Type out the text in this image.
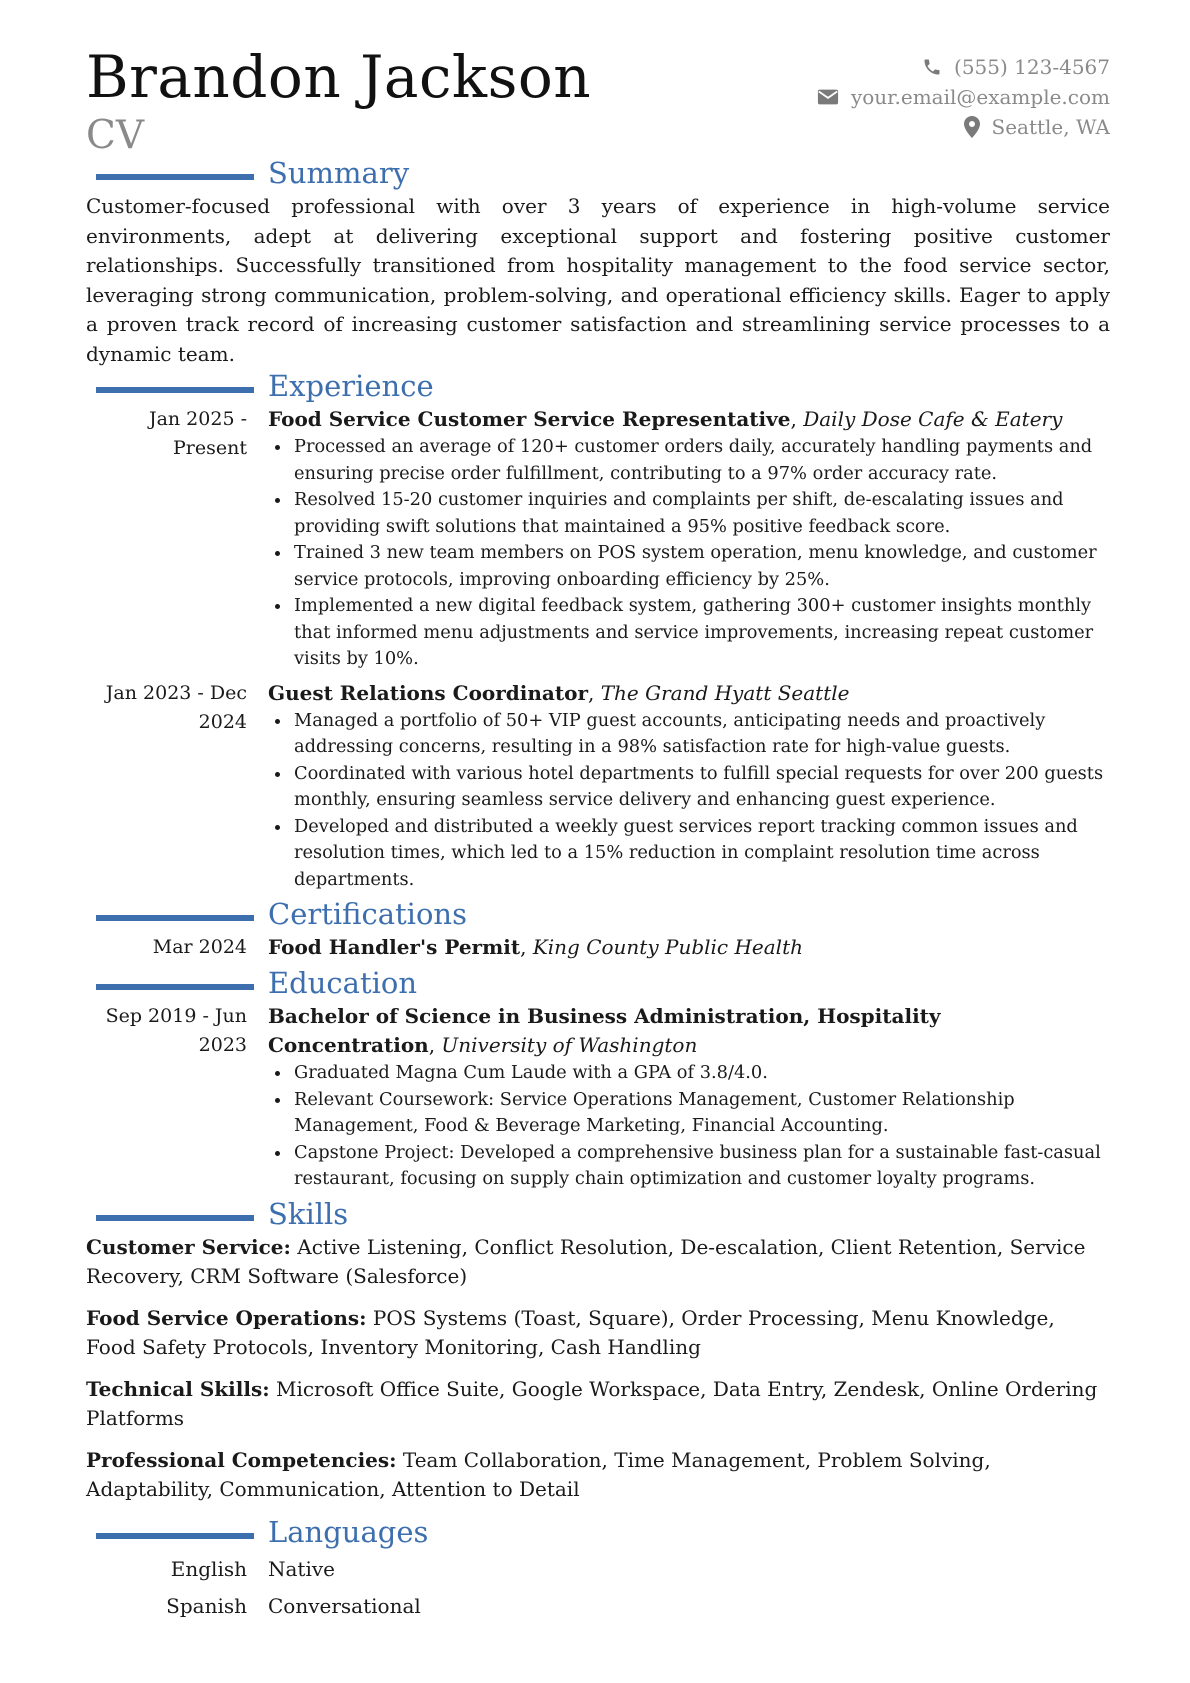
Brandon Jackson
CV
(555) 123-4567
your.email@example.com
Seattle, WA
Summary

Customer-focused professional with over 3 years of experience in high-volume service environments, adept at delivering exceptional support and fostering positive customer relationships. Successfully transitioned from hospitality management to the food service sector, leveraging strong communication, problem-solving, and operational efficiency skills. Eager to apply a proven track record of increasing customer satisfaction and streamlining service processes to a dynamic team.

Experience
Jan 2025 - Present
Food Service Customer Service Representative, Daily Dose Cafe & Eatery
• Processed an average of 120+ customer orders daily, accurately handling payments and ensuring precise order fulfillment, contributing to a 97% order accuracy rate.
• Resolved 15-20 customer inquiries and complaints per shift, de-escalating issues and providing swift solutions that maintained a 95% positive feedback score.
• Trained 3 new team members on POS system operation, menu knowledge, and customer service protocols, improving onboarding efficiency by 25%.
• Implemented a new digital feedback system, gathering 300+ customer insights monthly that informed menu adjustments and service improvements, increasing repeat customer visits by 10%.
Jan 2023 - Dec 2024
Guest Relations Coordinator, The Grand Hyatt Seattle
• Managed a portfolio of 50+ VIP guest accounts, anticipating needs and proactively addressing concerns, resulting in a 98% satisfaction rate for high-value guests.
• Coordinated with various hotel departments to fulfill special requests for over 200 guests monthly, ensuring seamless service delivery and enhancing guest experience.
• Developed and distributed a weekly guest services report tracking common issues and resolution times, which led to a 15% reduction in complaint resolution time across departments.
Certifications
Mar 2024	Food Handler's Permit, King County Public Health
Education
Sep 2019 - Jun 2023
Bachelor of Science in Business Administration, Hospitality Concentration, University of Washington
• Graduated Magna Cum Laude with a GPA of 3.8/4.0.
• Relevant Coursework: Service Operations Management, Customer Relationship Management, Food & Beverage Marketing, Financial Accounting.
• Capstone Project: Developed a comprehensive business plan for a sustainable fast-casual restaurant, focusing on supply chain optimization and customer loyalty programs.
Skills

Customer Service: Active Listening, Conflict Resolution, De-escalation, Client Retention, Service Recovery, CRM Software (Salesforce)

Food Service Operations: POS Systems (Toast, Square), Order Processing, Menu Knowledge, Food Safety Protocols, Inventory Monitoring, Cash Handling

Technical Skills: Microsoft Office Suite, Google Workspace, Data Entry, Zendesk, Online Ordering Platforms

Professional Competencies: Team Collaboration, Time Management, Problem Solving, Adaptability, Communication, Attention to Detail

Languages
English	Native
Spanish	Conversational
